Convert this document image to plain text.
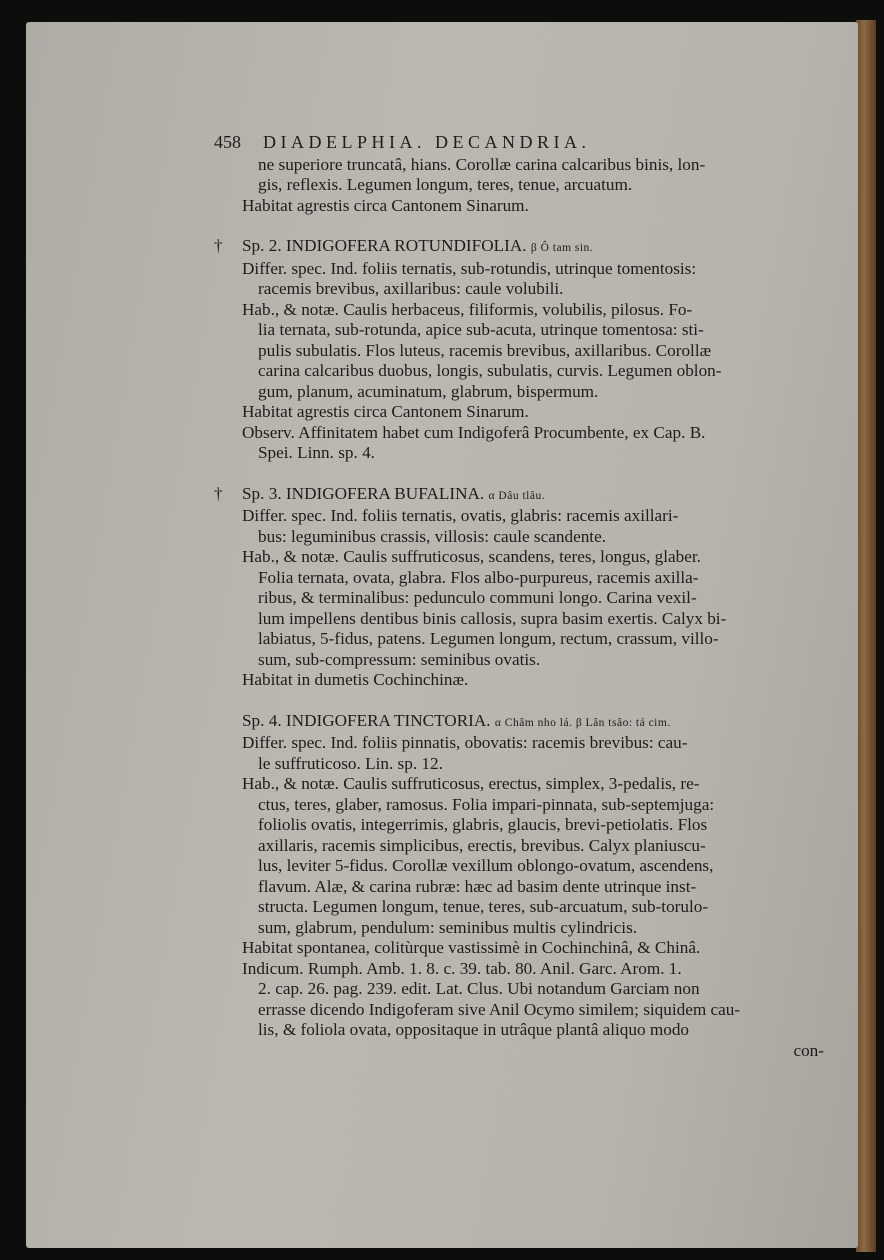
458 DIADELPHIA. DECANDRIA.
ne superiore truncatâ, hians. Corollæ carina calcaribus binis, lon-
gis, reflexis. Legumen longum, teres, tenue, arcuatum.
Habitat agrestis circa Cantonem Sinarum.
† Sp. 2. INDIGOFERA ROTUNDIFOLIA. β Ô tam sin.
Differ. spec. Ind. foliis ternatis, sub-rotundis, utrinque tomentosis:
racemis brevibus, axillaribus: caule volubili.
Hab., & notæ. Caulis herbaceus, filiformis, volubilis, pilosus. Fo-
lia ternata, sub-rotunda, apice sub-acuta, utrinque tomentosa: sti-
pulis subulatis. Flos luteus, racemis brevibus, axillaribus. Corollæ
carina calcaribus duobus, longis, subulatis, curvis. Legumen oblon-
gum, planum, acuminatum, glabrum, bispermum.
Habitat agrestis circa Cantonem Sinarum.
Observ. Affinitatem habet cum Indigoferâ Procumbente, ex Cap. B.
Spei. Linn. sp. 4.
† Sp. 3. INDIGOFERA BUFALINA. α Dâu tlâu.
Differ. spec. Ind. foliis ternatis, ovatis, glabris: racemis axillari-
bus: leguminibus crassis, villosis: caule scandente.
Hab., & notæ. Caulis suffruticosus, scandens, teres, longus, glaber.
Folia ternata, ovata, glabra. Flos albo-purpureus, racemis axilla-
ribus, & terminalibus: pedunculo communi longo. Carina vexil-
lum impellens dentibus binis callosis, supra basim exertis. Calyx bi-
labiatus, 5-fidus, patens. Legumen longum, rectum, crassum, villo-
sum, sub-compressum: seminibus ovatis.
Habitat in dumetis Cochinchinæ.
Sp. 4. INDIGOFERA TINCTORIA. α Châm nho lá. β Lân tsâo: tá cim.
Differ. spec. Ind. foliis pinnatis, obovatis: racemis brevibus: cau-
le suffruticoso. Lin. sp. 12.
Hab., & notæ. Caulis suffruticosus, erectus, simplex, 3-pedalis, re-
ctus, teres, glaber, ramosus. Folia impari-pinnata, sub-septemjuga:
foliolis ovatis, integerrimis, glabris, glaucis, brevi-petiolatis. Flos
axillaris, racemis simplicibus, erectis, brevibus. Calyx planiuscu-
lus, leviter 5-fidus. Corollæ vexillum oblongo-ovatum, ascendens,
flavum. Alæ, & carina rubræ: hæc ad basim dente utrinque inst-
structa. Legumen longum, tenue, teres, sub-arcuatum, sub-torulo-
sum, glabrum, pendulum: seminibus multis cylindricis.
Habitat spontanea, colitùrque vastissimè in Cochinchinâ, & Chinâ.
Indicum. Rumph. Amb. 1. 8. c. 39. tab. 80. Anil. Garc. Arom. 1.
2. cap. 26. pag. 239. edit. Lat. Clus. Ubi notandum Garciam non
errasse dicendo Indigoferam sive Anil Ocymo similem; siquidem cau-
lis, & foliola ovata, oppositaque in utrâque plantâ aliquo modo
con-
